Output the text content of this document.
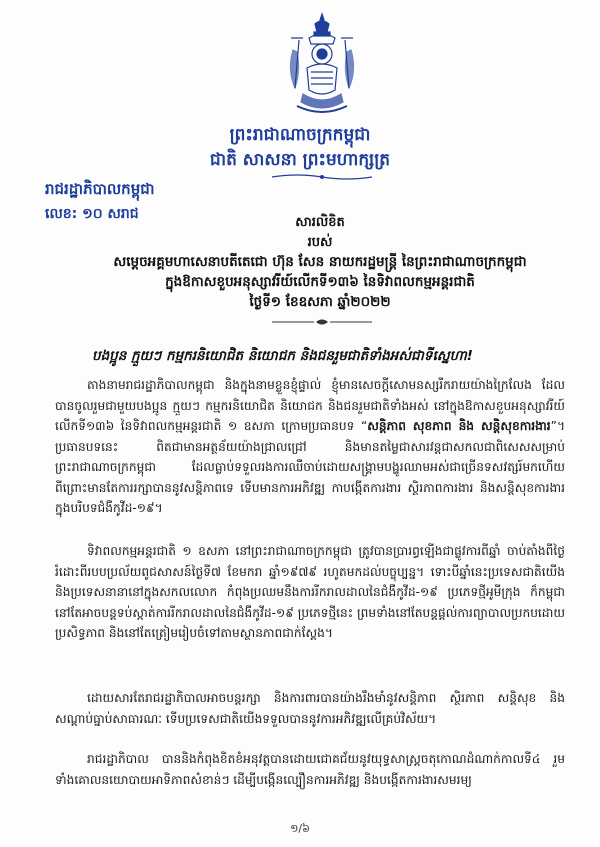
ព្រះរាជាណាចក្រកម្ពុជា
ជាតិ សាសនា ព្រះមហាក្សត្រ
រាជរដ្ឋាភិបាលកម្ពុជា
លេខ: ១០ សរាជ
សារលិខិត
របស់
សម្តេចអគ្គមហាសេនាបតីតេជោ ហ៊ុន សែន នាយករដ្ឋមន្ត្រី នៃព្រះរាជាណាចក្រកម្ពុជា
ក្នុងឱកាសខួបអនុស្សាវរីយ៍លើកទី១៣៦ នៃទិវាពលកម្មអន្តរជាតិ
ថ្ងៃទី១ ខែឧសភា ឆ្នាំ២០២២
បងប្អូន ក្មួយៗ កម្មករនិយោជិត និយោជក និងជនរួមជាតិទាំងអស់ជាទីស្នេហា!
តាងនាមរាជរដ្ឋាភិបាលកម្ពុជា និងក្នុងនាមខ្លួនខ្ញុំផ្ទាល់ ខ្ញុំមានសេចក្តីសោមនស្សរីករាយយ៉ាងក្រៃលែង ដែលបានចូលរួមជាមួយបងប្អូន ក្មួយៗ កម្មករនិយោជិត និយោជក និងជនរួមជាតិទាំងអស់ នៅក្នុងឱកាសខួបអនុស្សាវរីយ៍លើកទី១៣៦ នៃទិវាពលកម្មអន្តរជាតិ ១ ឧសភា ក្រោមប្រធានបទ “សន្តិភាព សុខភាព និង សន្តិសុខការងារ”។ ប្រធានបទនេះ ពិតជាមានអត្ថន័យយ៉ាងជ្រាលជ្រៅ និងមានតម្លៃជាសារវន្តជាសកលជាពិសេសសម្រាប់ព្រះរាជាណាចក្រកម្ពុជា ដែលធ្លាប់ទទួលរងការឈឺចាប់ដោយសង្គ្រាមបង្ហូរឈាមអស់ជាច្រើនទសវត្សរ៍មកហើយ ពីព្រោះមានតែការរក្សាបាននូវសន្តិភាពទេ ទើបមានការអភិវឌ្ឍ កាបង្កើតការងារ ស្ថិរភាពការងារ និងសន្តិសុខការងារក្នុងបរិបទជំងឺកូវីដ-១៩។
ទិវាពលកម្មអន្តរជាតិ ១ ឧសភា នៅព្រះរាជាណាចក្រកម្ពុជា ត្រូវបានប្រារព្ធឡើងជាផ្លូវការពីឆ្នាំ ចាប់តាំងពីថ្ងៃរំដោះពីរបបប្រល័យពូជសាសន៍ថ្ងៃទី៧ ខែមករា ឆ្នាំ១៩៧៩ រហូតមកដល់បច្ចុប្បន្ន។ ទោះបីឆ្នាំនេះប្រទេសជាតិយើង និងប្រទេសនានានៅក្នុងសកលលោក កំពុងប្រឈមនឹងការរីករាលដាលនៃជំងឺកូវីដ-១៩ ប្រភេទថ្មីអូមីក្រុង ក៏កម្ពុជានៅតែអាចបន្តទប់ស្កាត់ការរីករាលដាលនៃជំងឺកូវីដ-១៩ ប្រភេទថ្មីនេះ ព្រមទាំងនៅតែបន្តផ្តល់ការព្យាបាលប្រកបដោយប្រសិទ្ធភាព និងនៅតែត្រៀមរៀបចំទៅតាមស្ថានភាពជាក់ស្តែង។
ដោយសារតែរាជរដ្ឋាភិបាលអាចបន្តរក្សា និងការពារបានយ៉ាងរឹងមាំនូវសន្តិភាព ស្ថិរភាព សន្តិសុខ និងសណ្តាប់ធ្នាប់សាធារណៈ ទើបប្រទេសជាតិយើងទទួលបាននូវការអភិវឌ្ឍលើគ្រប់វិស័យ។
រាជរដ្ឋាភិបាល បាននិងកំពុងខិតខំអនុវត្តបានដោយជោគជ័យនូវយុទ្ធសាស្ត្រចតុកោណដំណាក់កាលទី៤ រួមទាំងគោលនយោបាយអាទិភាពសំខាន់ៗ ដើម្បីបង្កើនល្បឿនការអភិវឌ្ឍ និងបង្កើតការងារសមរម្យ
១/៦
